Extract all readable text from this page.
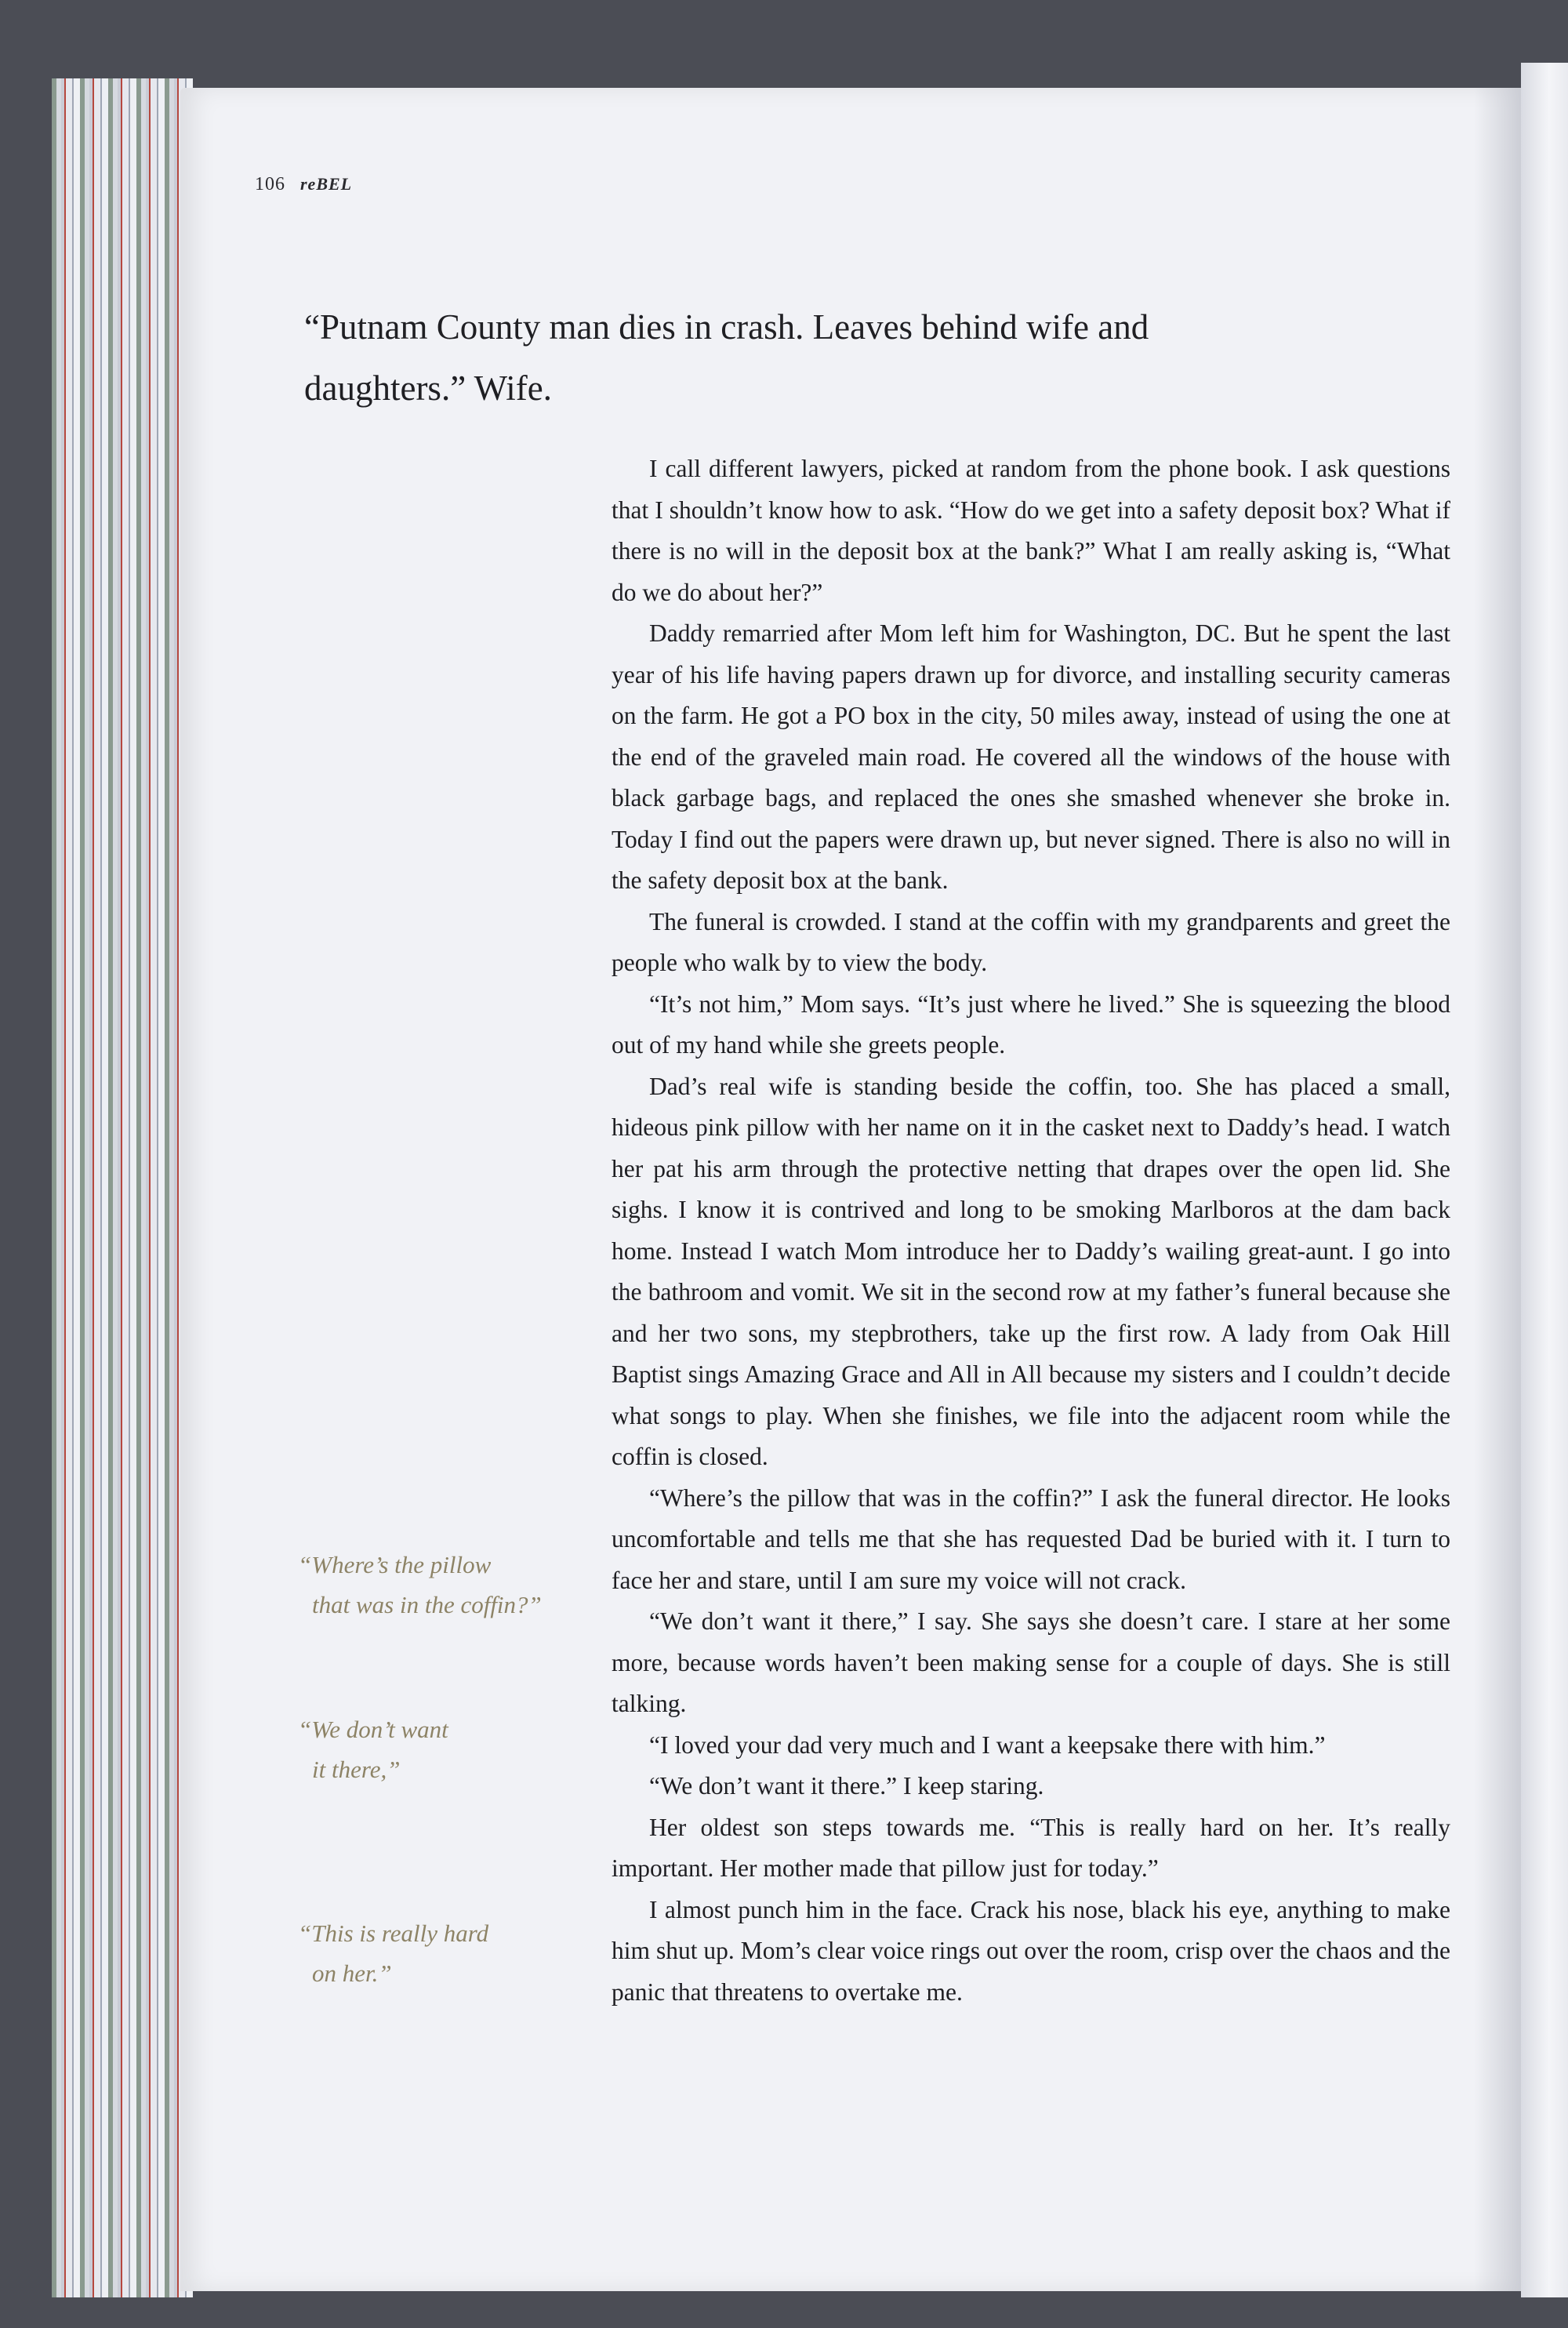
106 reBEL
“Putnam County man dies in crash. Leaves behind wife and
daughters.” Wife.

I call different lawyers, picked at random from the phone book. I ask questions that I shouldn’t know how to ask. “How do we get into a safety deposit box? What if there is no will in the deposit box at the bank?” What I am really asking is, “What do we do about her?”

Daddy remarried after Mom left him for Washington, DC. But he spent the last year of his life having papers drawn up for divorce, and installing security cameras on the farm. He got a PO box in the city, 50 miles away, instead of using the one at the end of the graveled main road. He covered all the windows of the house with black garbage bags, and replaced the ones she smashed whenever she broke in. Today I find out the papers were drawn up, but never signed. There is also no will in the safety deposit box at the bank.

The funeral is crowded. I stand at the coffin with my grandparents and greet the people who walk by to view the body.

“It’s not him,” Mom says. “It’s just where he lived.” She is squeezing the blood out of my hand while she greets people.

Dad’s real wife is standing beside the coffin, too. She has placed a small, hideous pink pillow with her name on it in the casket next to Daddy’s head. I watch her pat his arm through the protective netting that drapes over the open lid. She sighs. I know it is contrived and long to be smoking Marlboros at the dam back home. Instead I watch Mom introduce her to Daddy’s wailing great-aunt. I go into the bathroom and vomit. We sit in the second row at my father’s funeral because she and her two sons, my stepbrothers, take up the first row. A lady from Oak Hill Baptist sings Amazing Grace and All in All because my sisters and I couldn’t decide what songs to play. When she finishes, we file into the adjacent room while the coffin is closed.

“Where’s the pillow that was in the coffin?” I ask the funeral director. He looks uncomfortable and tells me that she has requested Dad be buried with it. I turn to face her and stare, until I am sure my voice will not crack.

“We don’t want it there,” I say. She says she doesn’t care. I stare at her some more, because words haven’t been making sense for a couple of days. She is still talking.

“I loved your dad very much and I want a keepsake there with him.”

“We don’t want it there.” I keep staring.

Her oldest son steps towards me. “This is really hard on her. It’s really important. Her mother made that pillow just for today.”

I almost punch him in the face. Crack his nose, black his eye, anything to make him shut up. Mom’s clear voice rings out over the room, crisp over the chaos and the panic that threatens to overtake me.

“Where’s the pillow
that was in the coffin?”
“We don’t want
it there,”
“This is really hard
on her.”
